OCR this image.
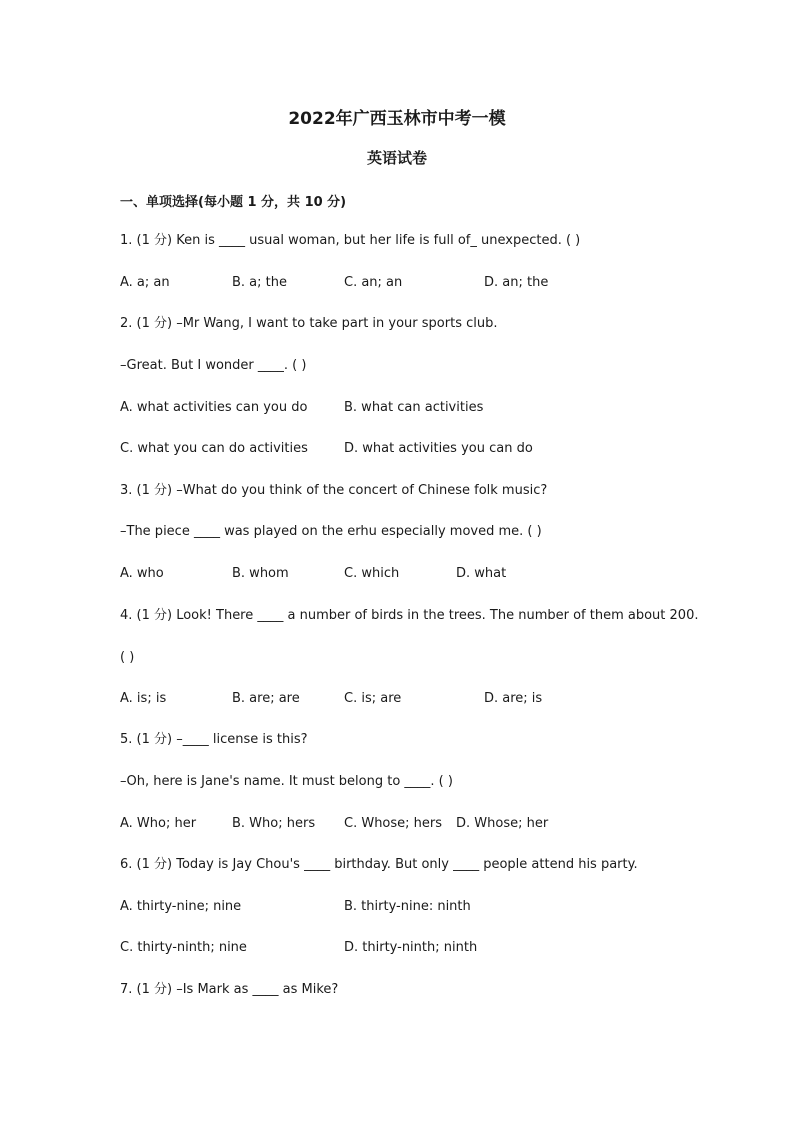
2022年广西玉林市中考一模
英语试卷
一、单项选择(每小题 1 分，共 10 分)
1. (1 分) Ken is ____ usual woman, but her life is full of_ unexpected. ( )
A. a; an	B. a; the	C. an; an	D. an; the
2. (1 分) –Mr Wang, I want to take part in your sports club.
–Great. But I wonder ____. ( )
A. what activities can you do	B. what can activities
C. what you can do activities	D. what activities you can do
3. (1 分) –What do you think of the concert of Chinese folk music?
–The piece ____ was played on the erhu especially moved me. ( )
A. who	B. whom	C. which	D. what
4. (1 分) Look! There ____ a number of birds in the trees. The number of them about 200.
( )
A. is; is	B. are; are	C. is; are	D. are; is
5. (1 分) –____ license is this?
–Oh, here is Jane's name. It must belong to ____. ( )
A. Who; her	B. Who; hers C. Whose; hers D. Whose; her
6. (1 分) Today is Jay Chou's ____ birthday. But only ____ people attend his party.
A. thirty-nine; nine	B. thirty-nine: ninth
C. thirty-ninth; nine	D. thirty-ninth; ninth
7. (1 分) –Is Mark as ____ as Mike?
